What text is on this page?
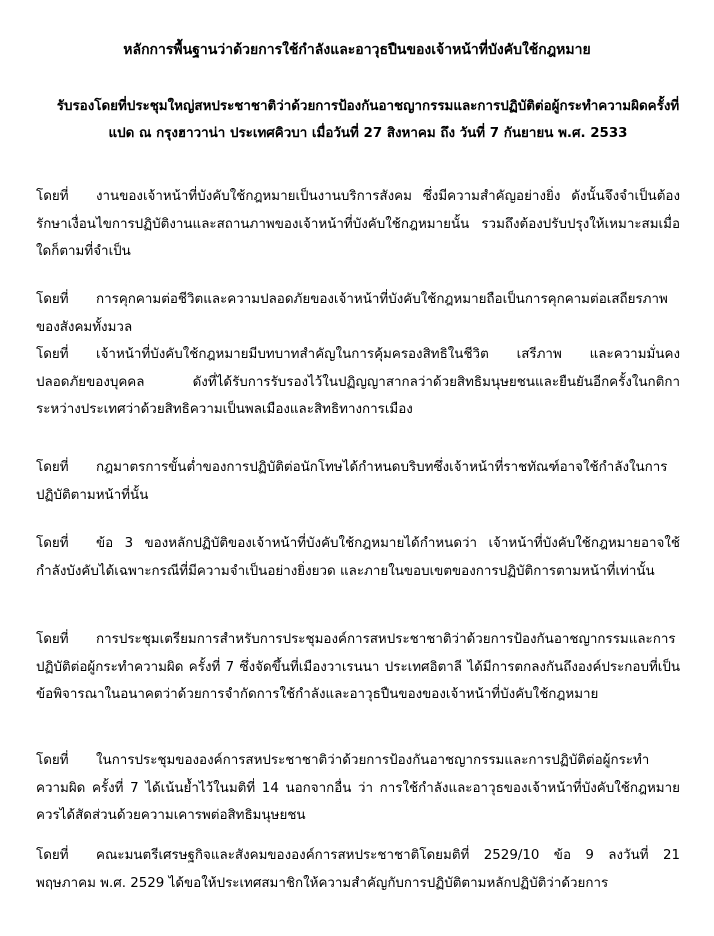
หลักการพื้นฐานว่าด้วยการใช้กำลังและอาวุธปืนของเจ้าหน้าที่บังคับใช้กฎหมาย

รับรองโดยที่ประชุมใหญ่สหประชาชาติว่าด้วยการป้องกันอาชญากรรมและการปฏิบัติต่อผู้กระทำความผิดครั้งที่แปด ณ กรุงฮาวาน่า ประเทศคิวบา เมื่อวันที่ 27 สิงหาคม ถึง วันที่ 7 กันยายน พ.ศ. 2533

โดยที่ งานของเจ้าหน้าที่บังคับใช้กฎหมายเป็นงานบริการสังคม ซึ่งมีความสำคัญอย่างยิ่ง ดังนั้นจึงจำเป็นต้องรักษาเงื่อนไขการปฏิบัติงานและสถานภาพของเจ้าหน้าที่บังคับใช้กฎหมายนั้น รวมถึงต้องปรับปรุงให้เหมาะสมเมื่อใดก็ตามที่จำเป็น

โดยที่ การคุกคามต่อชีวิตและความปลอดภัยของเจ้าหน้าที่บังคับใช้กฎหมายถือเป็นการคุกคามต่อเสถียรภาพของสังคมทั้งมวล

โดยที่ เจ้าหน้าที่บังคับใช้กฎหมายมีบทบาทสำคัญในการคุ้มครองสิทธิในชีวิต เสรีภาพ และความมั่นคงปลอดภัยของบุคคล ดังที่ได้รับการรับรองไว้ในปฏิญญาสากลว่าด้วยสิทธิมนุษยชนและยืนยันอีกครั้งในกติการะหว่างประเทศว่าด้วยสิทธิความเป็นพลเมืองและสิทธิทางการเมือง

โดยที่ กฎมาตรการขั้นต่ำของการปฏิบัติต่อนักโทษได้กำหนดบริบทซึ่งเจ้าหน้าที่ราชทัณฑ์อาจใช้กำลังในการปฏิบัติตามหน้าที่นั้น

โดยที่ ข้อ 3 ของหลักปฏิบัติของเจ้าหน้าที่บังคับใช้กฎหมายได้กำหนดว่า เจ้าหน้าที่บังคับใช้กฎหมายอาจใช้กำลังบังคับได้เฉพาะกรณีที่มีความจำเป็นอย่างยิ่งยวด และภายในขอบเขตของการปฏิบัติการตามหน้าที่เท่านั้น

โดยที่ การประชุมเตรียมการสำหรับการประชุมองค์การสหประชาชาติว่าด้วยการป้องกันอาชญากรรมและการปฏิบัติต่อผู้กระทำความผิด ครั้งที่ 7 ซึ่งจัดขึ้นที่เมืองวาเรนนา ประเทศอิตาลี ได้มีการตกลงกันถึงองค์ประกอบที่เป็นข้อพิจารณาในอนาคตว่าด้วยการจำกัดการใช้กำลังและอาวุธปืนของของเจ้าหน้าที่บังคับใช้กฎหมาย

โดยที่ ในการประชุมขององค์การสหประชาชาติว่าด้วยการป้องกันอาชญากรรมและการปฏิบัติต่อผู้กระทำความผิด ครั้งที่ 7 ได้เน้นย้ำไว้ในมติที่ 14 นอกจากอื่น ว่า การใช้กำลังและอาวุธของเจ้าหน้าที่บังคับใช้กฎหมายควรได้สัดส่วนด้วยความเคารพต่อสิทธิมนุษยชน

โดยที่ คณะมนตรีเศรษฐกิจและสังคมขององค์การสหประชาชาติโดยมติที่ 2529/10 ข้อ 9 ลงวันที่ 21 พฤษภาคม พ.ศ. 2529 ได้ขอให้ประเทศสมาชิกให้ความสำคัญกับการปฏิบัติตามหลักปฏิบัติว่าด้วยการ
